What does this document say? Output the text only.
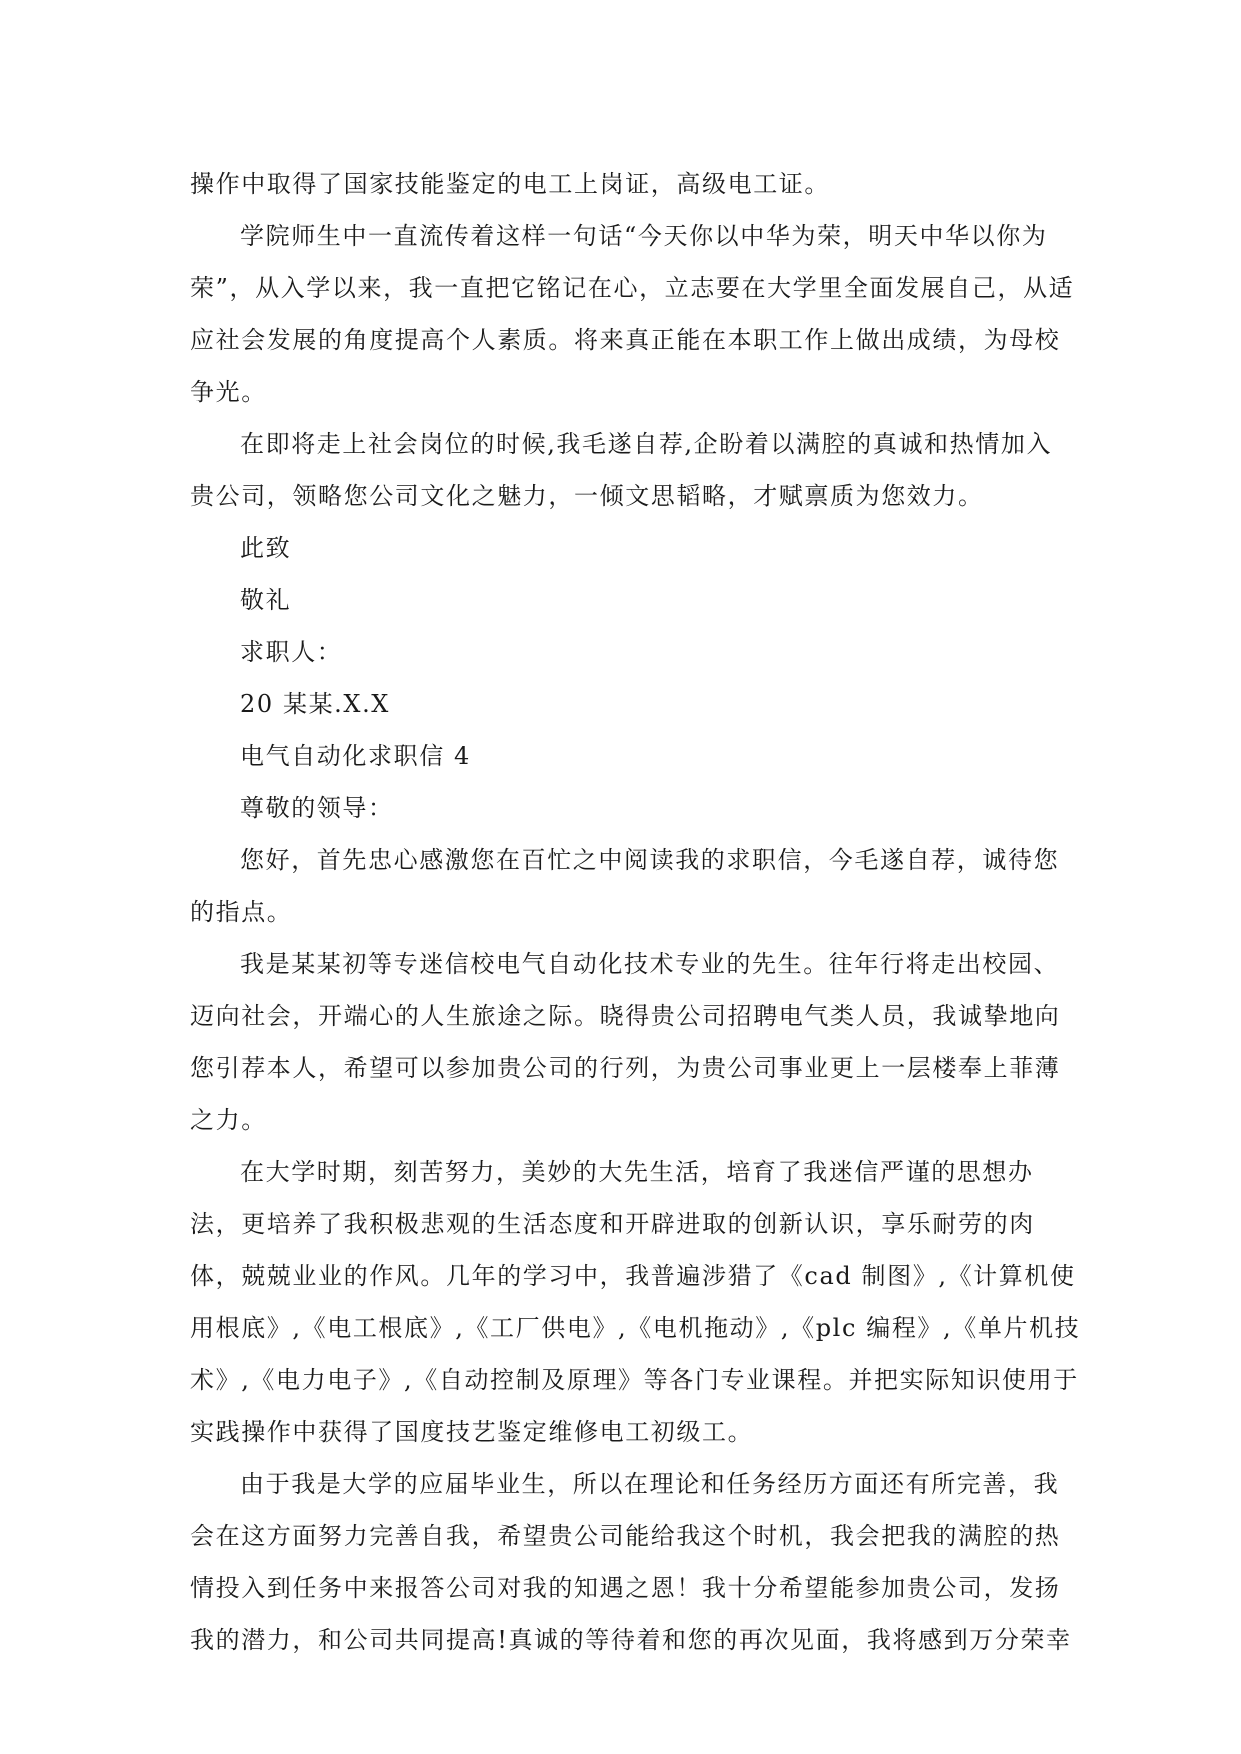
操作中取得了国家技能鉴定的电工上岗证，高级电工证。
学院师生中一直流传着这样一句话“今天你以中华为荣，明天中华以你为
荣”，从入学以来，我一直把它铭记在心，立志要在大学里全面发展自己，从适
应社会发展的角度提高个人素质。将来真正能在本职工作上做出成绩，为母校
争光。
在即将走上社会岗位的时候,我毛遂自荐,企盼着以满腔的真诚和热情加入
贵公司，领略您公司文化之魅力，一倾文思韬略，才赋禀质为您效力。
此致
敬礼
求职人：
20 某某.X.X
电气自动化求职信 4
尊敬的领导：
您好，首先忠心感激您在百忙之中阅读我的求职信，今毛遂自荐，诚待您
的指点。
我是某某初等专迷信校电气自动化技术专业的先生。往年行将走出校园、
迈向社会，开端心的人生旅途之际。晓得贵公司招聘电气类人员，我诚挚地向
您引荐本人，希望可以参加贵公司的行列，为贵公司事业更上一层楼奉上菲薄
之力。
在大学时期，刻苦努力，美妙的大先生活，培育了我迷信严谨的思想办
法，更培养了我积极悲观的生活态度和开辟进取的创新认识，享乐耐劳的肉
体，兢兢业业的作风。几年的学习中，我普遍涉猎了《cad 制图》,《计算机使
用根底》,《电工根底》,《工厂供电》,《电机拖动》,《plc 编程》,《单片机技
术》,《电力电子》,《自动控制及原理》等各门专业课程。并把实际知识使用于
实践操作中获得了国度技艺鉴定维修电工初级工。
由于我是大学的应届毕业生，所以在理论和任务经历方面还有所完善，我
会在这方面努力完善自我，希望贵公司能给我这个时机，我会把我的满腔的热
情投入到任务中来报答公司对我的知遇之恩！我十分希望能参加贵公司，发扬
我的潜力，和公司共同提高!真诚的等待着和您的再次见面，我将感到万分荣幸
